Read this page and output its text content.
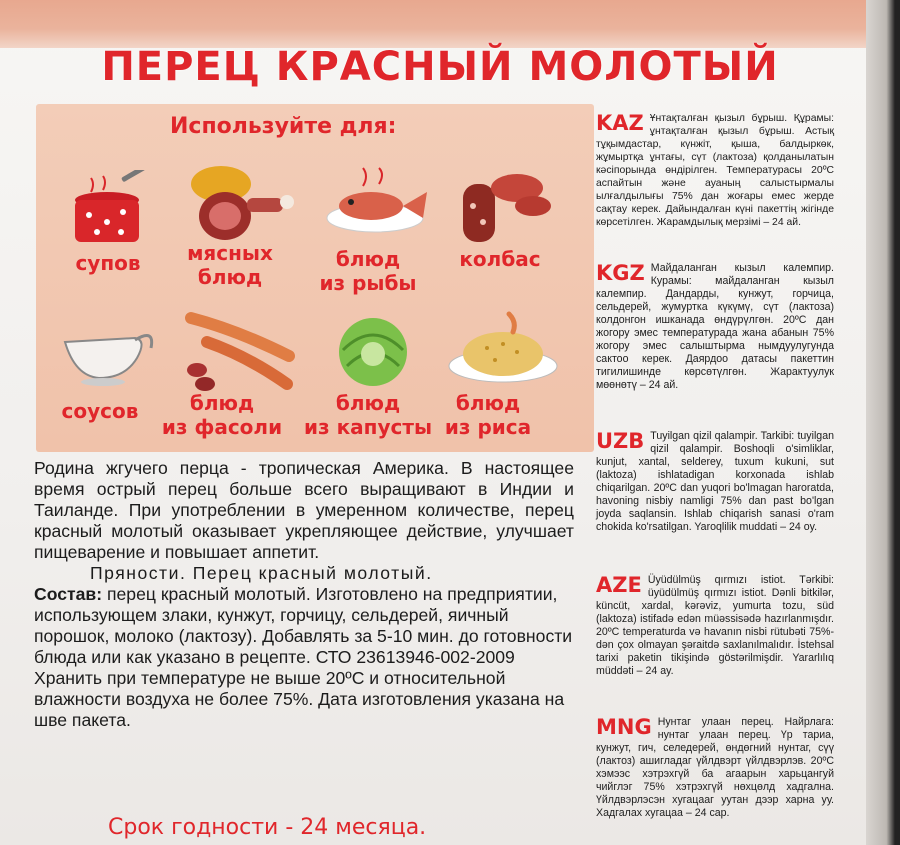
ПЕРЕЦ КРАСНЫЙ МОЛОТЫЙ
Используйте для:
супов	мясных
блюд
блюд
из рыбы
колбас
соусов	блюд
из фасоли
блюд
из капусты
блюд
из риса

Родина жгучего перца - тропическая Америка. В настоящее время острый перец больше всего выращивают в Индии и Таиланде. При употреблении в умеренном количестве, перец красный молотый оказывает укрепляющее действие, улучшает пищеварение и повышает аппетит.

Пряности. Перец красный молотый.

Состав: перец красный молотый. Изготовлено на предприятии, использующем злаки, кунжут, горчицу, сельдерей, яичный порошок, молоко (лактозу). Добавлять за 5-10 мин. до готовности блюда или как указано в рецепте. СТО 23613946-002-2009 Хранить при температуре не выше 20ºС и относительной влажности воздуха не более 75%. Дата изготовления указана на шве пакета.

Срок годности - 24 месяца.
KAZ Ұнтақталған қызыл бұрыш. Құрамы: ұнтақталған қызыл бұрыш. Астық тұқымдастар, күнжіт, қыша, балдыркөк, жұмыртқа ұнтағы, сүт (лактоза) қолданылатын кәсіпорында өндірілген. Температурасы 20ºС аспайтын және ауаның салыстырмалы ылғалдылығы 75% дан жоғары емес жерде сақтау керек. Дайындалған күні пакеттің жігінде көрсетілген. Жарамдылық мерзімі – 24 ай.
KGZ Майдаланган кызыл калемпир. Курамы: майдаланган кызыл калемпир. Дандарды, кунжут, горчица, сельдерей, жумуртка күкүмү, сүт (лактоза) колдонгон ишканада өндүрүлгөн. 20ºС дан жогору эмес температурада жана абанын 75% жогору эмес салыштырма нымдуулугунда сактоо керек. Даярдоо датасы пакеттин тигилишинде көрсөтүлгөн. Жарактуулук мөөнөтү – 24 ай.
UZB Tuyilgan qizil qalampir. Tarkibi: tuyilgan qizil qalampir. Boshoqli o'simliklar, kunjut, xantal, selderey, tuxum kukuni, sut (laktoza) ishlatadigan korxonada ishlab chiqarilgan. 20ºC dan yuqori bo'lmagan haroratda, havoning nisbiy namligi 75% dan past bo'lgan joyda saqlansin. Ishlab chiqarish sanasi o'ram chokida ko'rsatilgan. Yaroqlilik muddati – 24 oy.
AZE Üyüdülmüş qırmızı istiot. Tərkibi: üyüdülmüş qırmızı istiot. Dənli bitkilər, küncüt, xardal, kərəviz, yumurta tozu, süd (laktoza) istifadə edən müəssisədə hazırlanmışdır. 20ºC temperaturda və havanın nisbi rütubəti 75%-dən çox olmayan şəraitdə saxlanılmalıdır. İstehsal tarixi paketin tikişində göstərilmişdir. Yararlılıq müddəti – 24 ay.
MNG Нунтаг улаан перец. Найрлага: нунтаг улаан перец. Үр тариа, кунжут, гич, селедерей, өндөгний нунтаг, сүү (лактоз) ашигладаг үйлдвэрт үйлдвэрлэв. 20ºС хэмээс хэтрэхгүй ба агаарын харьцангуй чийглэг 75% хэтрэхгүй нөхцөлд хадгална. Үйлдвэрлэсэн хугацааг уутан дээр харна уу. Хадгалах хугацаа – 24 сар.
